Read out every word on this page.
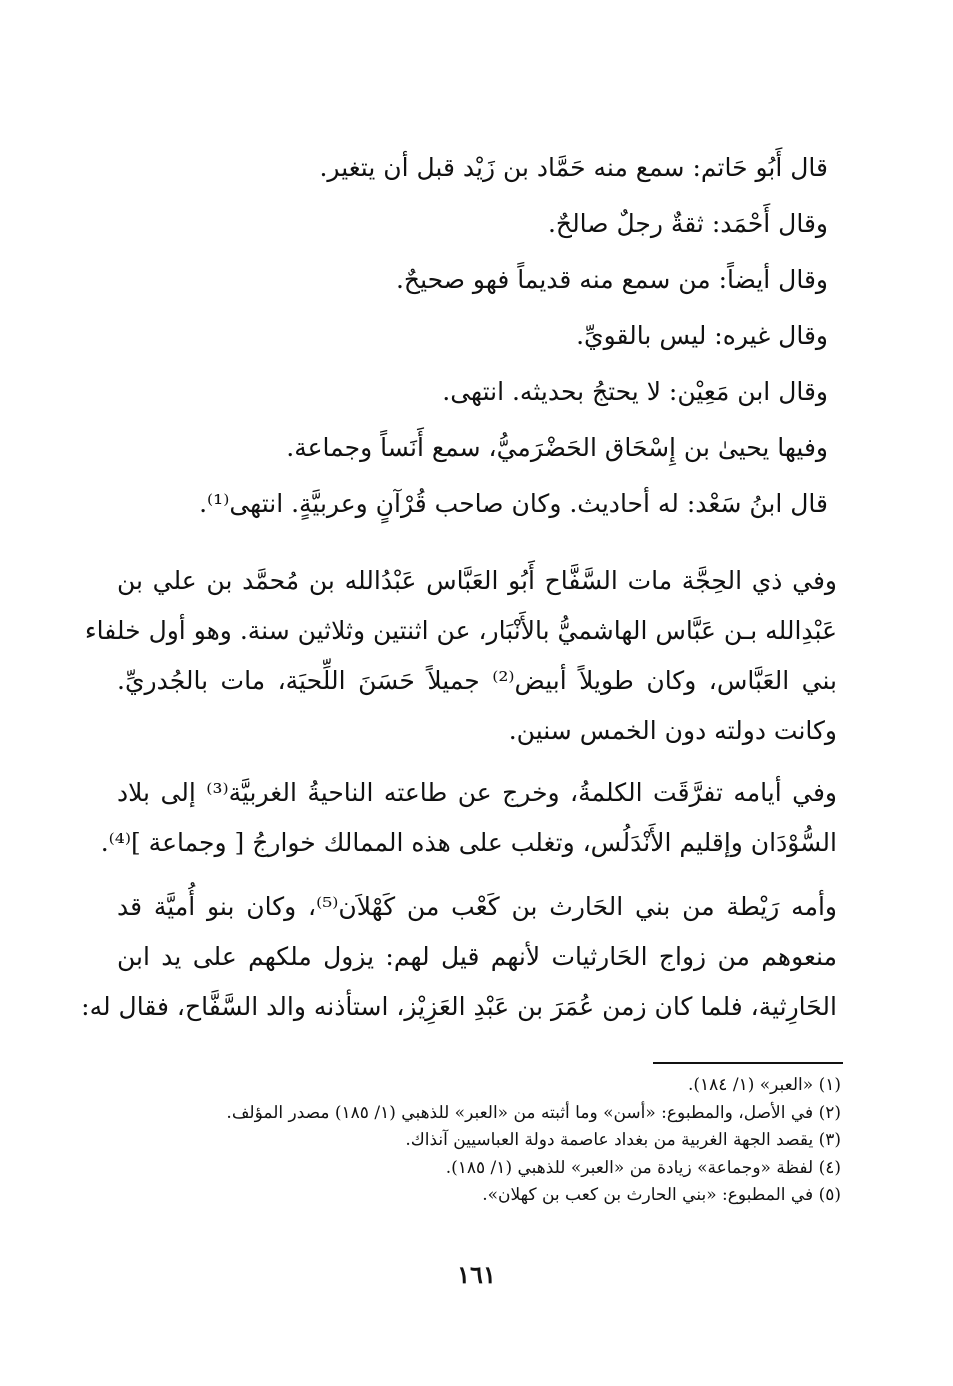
قال أَبُو حَاتم: سمع منه حَمَّاد بن زَيْد قبل أن يتغير.
وقال أَحْمَد: ثقةٌ رجلٌ صالحٌ.
وقال أيضاً: من سمع منه قديماً فهو صحيحٌ.
وقال غيره: ليس بالقويِّ.
وقال ابن مَعِيْن: لا يحتجُ بحديثه. انتهى.
وفيها يحيىٰ بن إِسْحَاق الحَضْرَميُّ، سمع أَنَساً وجماعة.
قال ابنُ سَعْد: له أحاديث. وكان صاحب قُرْآنٍ وعربيَّةٍ. انتهى⁽¹⁾.
وفي ذي الحِجَّة مات السَّفَّاح أَبُو العَبَّاس عَبْدُالله بن مُحمَّد بن علي بن
عَبْدِالله بـن عَبَّاس الهاشميُّ بالأَنْبَار، عن اثنتين وثلاثين سنة. وهو أول خلفاء
بني العَبَّاس، وكان طويلاً أبيض⁽²⁾ جميلاً حَسَنَ اللِّحيَة، مات بالجُدريِّ.
وكانت دولته دون الخمس سنين.
وفي أيامه تفرَّقَت الكلمةُ، وخرج عن طاعته الناحيةُ الغربيَّة⁽³⁾ إلى بلاد
السُّوْدَان وإقليم الأَنْدَلُس، وتغلب على هذه الممالك خوارجُ [ وجماعة ]⁽⁴⁾.
وأمه رَيْطة من بني الحَارث بن كَعْب من كَهْلاَن⁽⁵⁾، وكان بنو أُميَّة قد
منعوهم من زواج الحَارثيات لأنهم قيل لهم: يزول ملكهم على يد ابن
الحَارِثية، فلما كان زمن عُمَرَ بن عَبْدِ العَزِيْز، استأذنه والد السَّفَّاح، فقال له:
(١) «العبر» (١/ ١٨٤).
(٢) في الأصل، والمطبوع: «أسن» وما أثبته من «العبر» للذهبي (١/ ١٨٥) مصدر المؤلف.
(٣) يقصد الجهة الغربية من بغداد عاصمة دولة العباسيين آنذاك.
(٤) لفظة «وجماعة» زيادة من «العبر» للذهبي (١/ ١٨٥).
(٥) في المطبوع: «بني الحارث بن كعب بن كهلان».
١٦١
